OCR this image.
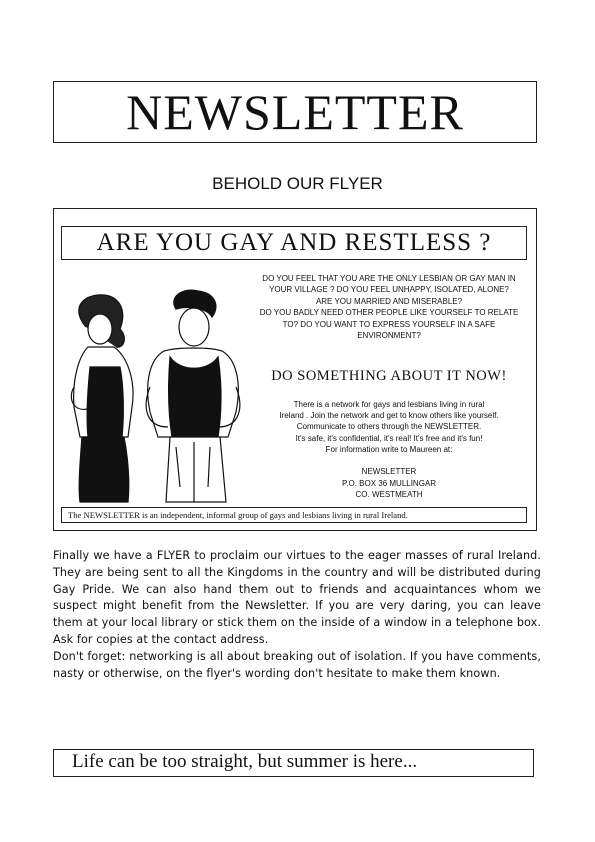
NEWSLETTER
BEHOLD OUR FLYER
ARE YOU GAY AND RESTLESS ?
DO YOU FEEL THAT YOU ARE THE ONLY LESBIAN OR GAY MAN IN
YOUR VILLAGE ? DO YOU FEEL UNHAPPY, ISOLATED, ALONE?
ARE YOU MARRIED AND MISERABLE?
DO YOU BADLY NEED OTHER PEOPLE LIKE YOURSELF TO RELATE
TO? DO YOU WANT TO EXPRESS YOURSELF IN A SAFE
ENVIRONMENT?
DO SOMETHING ABOUT IT NOW!
There is a network for gays and lesbians living in rural
Ireland . Join the network and get to know others like yourself.
Communicate to others through the NEWSLETTER.
It's safe, it's confidential, it's real! It's free and it's fun!
For information write to Maureen at:
NEWSLETTER
P.O. BOX 36 MULLINGAR
CO. WESTMEATH
The NEWSLETTER is an independent, informal group of gays and lesbians living in rural Ireland.

Finally we have a FLYER to proclaim our virtues to the eager masses of rural Ireland. They are being sent to all the Kingdoms in the country and will be distributed during Gay Pride. We can also hand them out to friends and acquaintances whom we suspect might benefit from the Newsletter. If you are very daring, you can leave them at your local library or stick them on the inside of a window in a telephone box. Ask for copies at the contact address.

Don't forget: networking is all about breaking out of isolation. If you have comments, nasty or otherwise, on the flyer's wording don't hesitate to make them known.

Life can be too straight, but summer is here...
